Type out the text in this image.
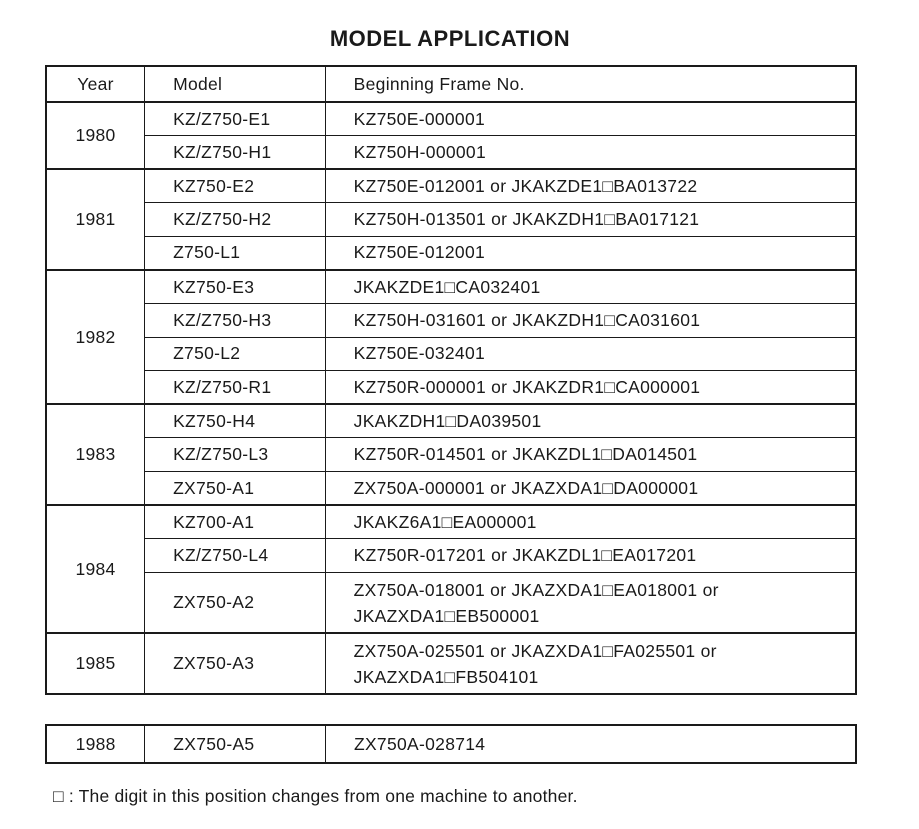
MODEL APPLICATION
Year	Model	Beginning Frame No.
1980	KZ/Z750-E1	KZ750E-000001
	KZ/Z750-H1	KZ750H-000001
1981	KZ750-E2	KZ750E-012001 or JKAKZDE1□BA013722
	KZ/Z750-H2	KZ750H-013501 or JKAKZDH1□BA017121
	Z750-L1	KZ750E-012001
1982	KZ750-E3	JKAKZDE1□CA032401
	KZ/Z750-H3	KZ750H-031601 or JKAKZDH1□CA031601
	Z750-L2	KZ750E-032401
	KZ/Z750-R1	KZ750R-000001 or JKAKZDR1□CA000001
1983	KZ750-H4	JKAKZDH1□DA039501
	KZ/Z750-L3	KZ750R-014501 or JKAKZDL1□DA014501
	ZX750-A1	ZX750A-000001 or JKAZXDA1□DA000001
1984	KZ700-A1	JKAKZ6A1□EA000001
	KZ/Z750-L4	KZ750R-017201 or JKAKZDL1□EA017201
	ZX750-A2	ZX750A-018001 or JKAZXDA1□EA018001 or JKAZXDA1□EB500001
1985	ZX750-A3	ZX750A-025501 or JKAZXDA1□FA025501 or JKAZXDA1□FB504101
1988	ZX750-A5	ZX750A-028714
□ : The digit in this position changes from one machine to another.
